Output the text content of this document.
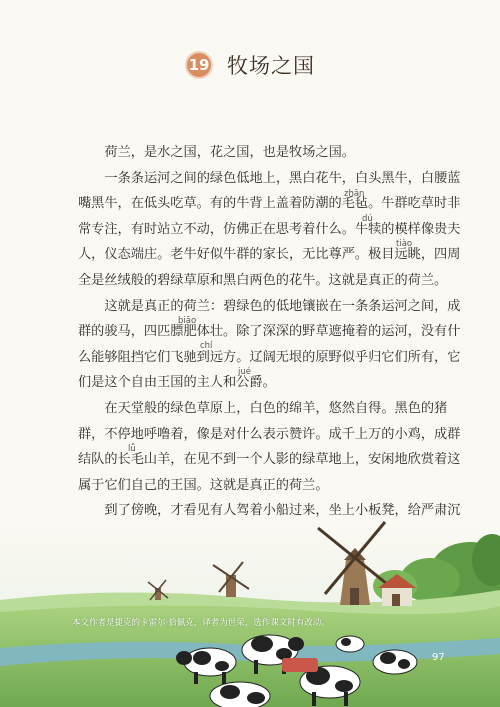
19 牧场之国

荷兰，是水之国，花之国，也是牧场之国。

一条条运河之间的绿色低地上，黑白花牛，白头黑牛，白腰蓝
嘴黑牛，在低头吃草。有的牛背上盖着防潮的毛毡。牛群吃草时非
常专注，有时站立不动，仿佛正在思考着什么。牛犊的模样像贵夫
人，仪态端庄。老牛好似牛群的家长，无比尊严。极目远眺，四周
全是丝绒般的碧绿草原和黑白两色的花牛。这就是真正的荷兰。

这就是真正的荷兰：碧绿色的低地镶嵌在一条条运河之间，成
群的骏马，四匹膘肥体壮。除了深深的野草遮掩着的运河，没有什
么能够阻挡它们飞驰到远方。辽阔无垠的原野似乎归它们所有，它
们是这个自由王国的主人和公爵。

在天堂般的绿色草原上，白色的绵羊，悠然自得。黑色的猪
群，不停地呼噜着，像是对什么表示赞许。成千上万的小鸡，成群
结队的长毛山羊，在见不到一个人影的绿草地上，安闲地欣赏着这
属于它们自己的王国。这就是真正的荷兰。

到了傍晚，才看见有人驾着小船过来，坐上小板凳，给严肃沉

zhān
dú
tiào
biāo
chí
jué
lǚ
本文作者是捷克的卡雷尔·恰佩克，译者为世荣，选作课文时有改动。
97
